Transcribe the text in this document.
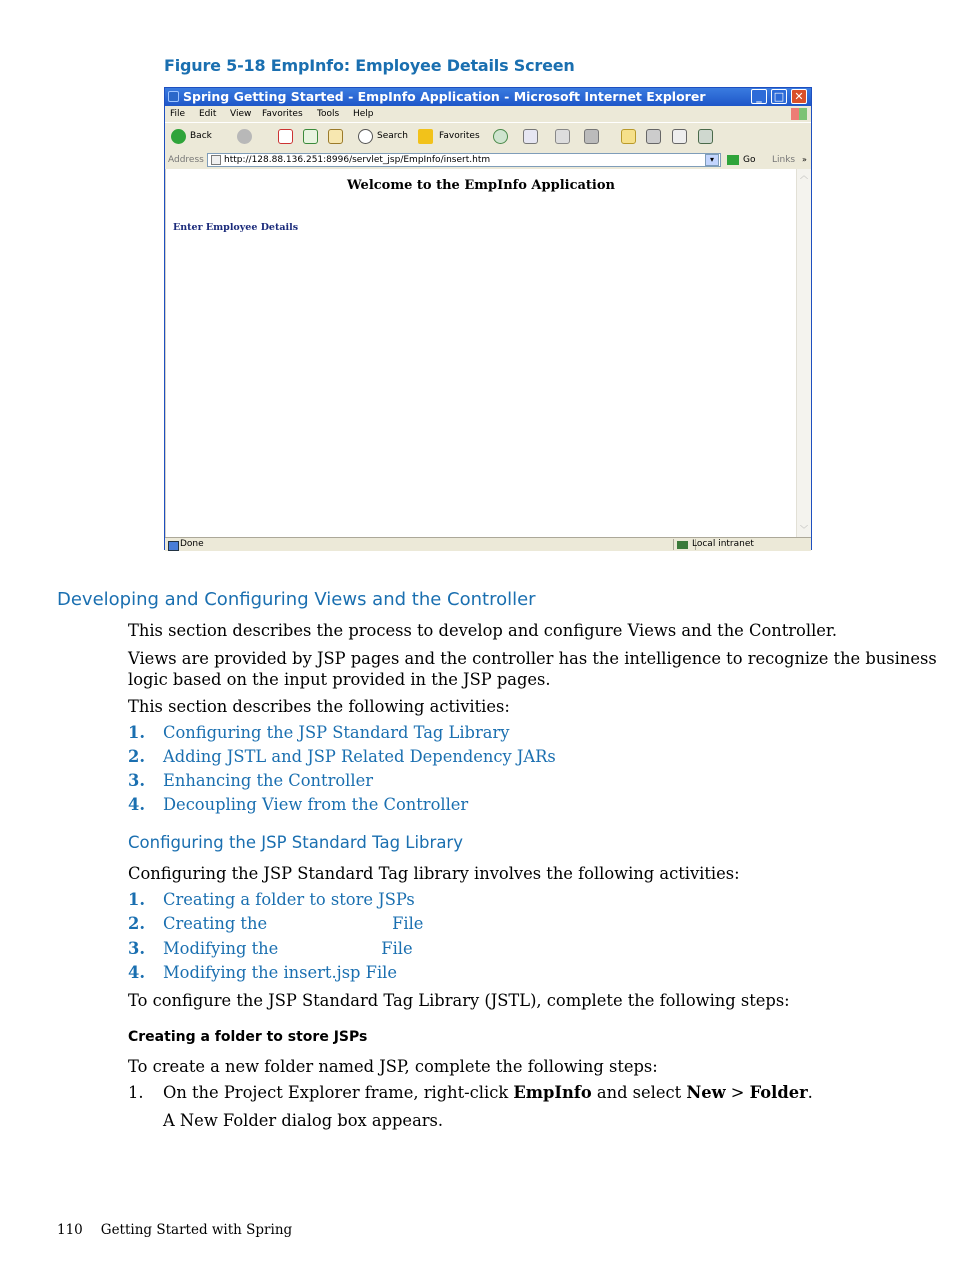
Figure 5-18 EmpInfo: Employee Details Screen
Spring Getting Started - EmpInfo Application - Microsoft Internet Explorer	_	□ ✕
File Edit View Favorites Tools Help
Back	Search	Favorites
Address	http://128.88.136.251:8996/servlet_jsp/EmpInfo/insert.htm	▾	Go Links »
Welcome to the EmpInfo Application
Enter Employee Details
︿
﹀
Done	Local intranet
Developing and Configuring Views and the Controller
This section describes the process to develop and configure Views and the Controller.
Views are provided by JSP pages and the controller has the intelligence to recognize the business
logic based on the input provided in the JSP pages.
This section describes the following activities:
1. Configuring the JSP Standard Tag Library
2. Adding JSTL and JSP Related Dependency JARs
3. Enhancing the Controller
4. Decoupling View from the Controller
Configuring the JSP Standard Tag Library
Configuring the JSP Standard Tag library involves the following activities:
1. Creating a folder to store JSPs
2. Creating the	File
3. Modifying the	File
4. Modifying the insert.jsp File
To configure the JSP Standard Tag Library (JSTL), complete the following steps:
Creating a folder to store JSPs
To create a new folder named JSP, complete the following steps:
1. On the Project Explorer frame, right-click EmpInfo and select New > Folder.
A New Folder dialog box appears.
110 Getting Started with Spring
